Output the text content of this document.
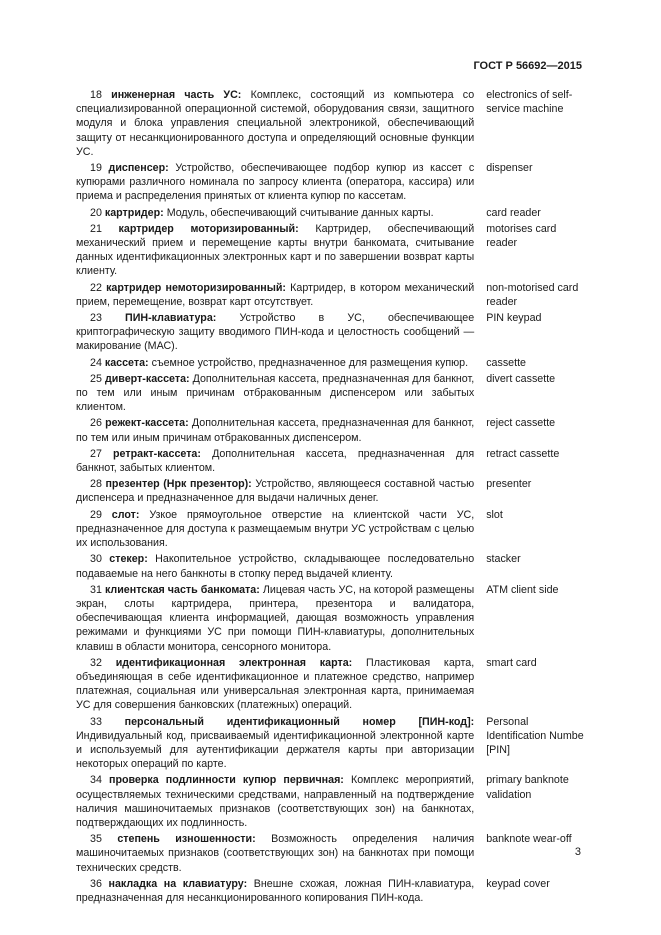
ГОСТ Р 56692—2015
18 инженерная часть УС: Комплекс, состоящий из компьютера со специализированной операционной системой, оборудования связи, защитного модуля и блока управления специальной электроникой, обеспечивающий защиту от несанкционированного доступа и определяющий основные функции УС.
electronics of self-service machine
19 диспенсер: Устройство, обеспечивающее подбор купюр из кассет с купюрами различного номинала по запросу клиента (оператора, кассира) или приема и распределения принятых от клиента купюр по кассетам.
dispenser
20 картридер: Модуль, обеспечивающий считывание данных карты.	card reader
21 картридер моторизированный: Картридер, обеспечивающий механический прием и перемещение карты внутри банкомата, считывание данных идентификационных электронных карт и по завершении возврат карты клиенту.
motorises card reader
22 картридер немоторизированный: Картридер, в котором механический прием, перемещение, возврат карт отсутствует.
non-motorised card reader
23 ПИН-клавиатура: Устройство в УС, обеспечивающее криптографическую защиту вводимого ПИН-кода и целостность сообщений — макирование (МАС).
PIN keypad
24 кассета: съемное устройство, предназначенное для размещения купюр.	cassette
25 диверт-кассета: Дополнительная кассета, предназначенная для банкнот, по тем или иным причинам отбракованным диспенсером или забытых клиентом.
divert cassette
26 режект-кассета: Дополнительная кассета, предназначенная для банкнот, по тем или иным причинам отбракованных диспенсером.
reject cassette
27 ретракт-кассета: Дополнительная кассета, предназначенная для банкнот, забытых клиентом.
retract cassette
28 презентер (Нрк презентор): Устройство, являющееся составной частью диспенсера и предназначенное для выдачи наличных денег.
presenter
29 слот: Узкое прямоугольное отверстие на клиентской части УС, предназначенное для доступа к размещаемым внутри УС устройствам с целью их использования.
slot
30 стекер: Накопительное устройство, складывающее последовательно подаваемые на него банкноты в стопку перед выдачей клиенту.
stacker
31 клиентская часть банкомата: Лицевая часть УС, на которой размещены экран, слоты картридера, принтера, презентора и валидатора, обеспечивающая клиента информацией, дающая возможность управления режимами и функциями УС при помощи ПИН-клавиатуры, дополнительных клавиш в области монитора, сенсорного монитора.
ATM client side
32 идентификационная электронная карта: Пластиковая карта, объединяющая в себе идентификационное и платежное средство, например платежная, социальная или универсальная электронная карта, принимаемая УС для совершения банковских (платежных) операций.
smart card
33 персональный идентификационный номер [ПИН-код]: Индивидуальный код, присваиваемый идентификационной электронной карте и используемый для аутентификации держателя карты при авторизации некоторых операций по карте.
Personal Identification Numbe [PIN]
34 проверка подлинности купюр первичная: Комплекс мероприятий, осуществляемых техническими средствами, направленный на подтверждение наличия машиночитаемых признаков (соответствующих зон) на банкнотах, подтверждающих их подлинность.
primary banknote validation
35 степень изношенности: Возможность определения наличия машиночитаемых признаков (соответствующих зон) на банкнотах при помощи технических средств.
banknote wear-off
36 накладка на клавиатуру: Внешне схожая, ложная ПИН-клавиатура, предназначенная для несанкционированного копирования ПИН-кода.
keypad cover
3
